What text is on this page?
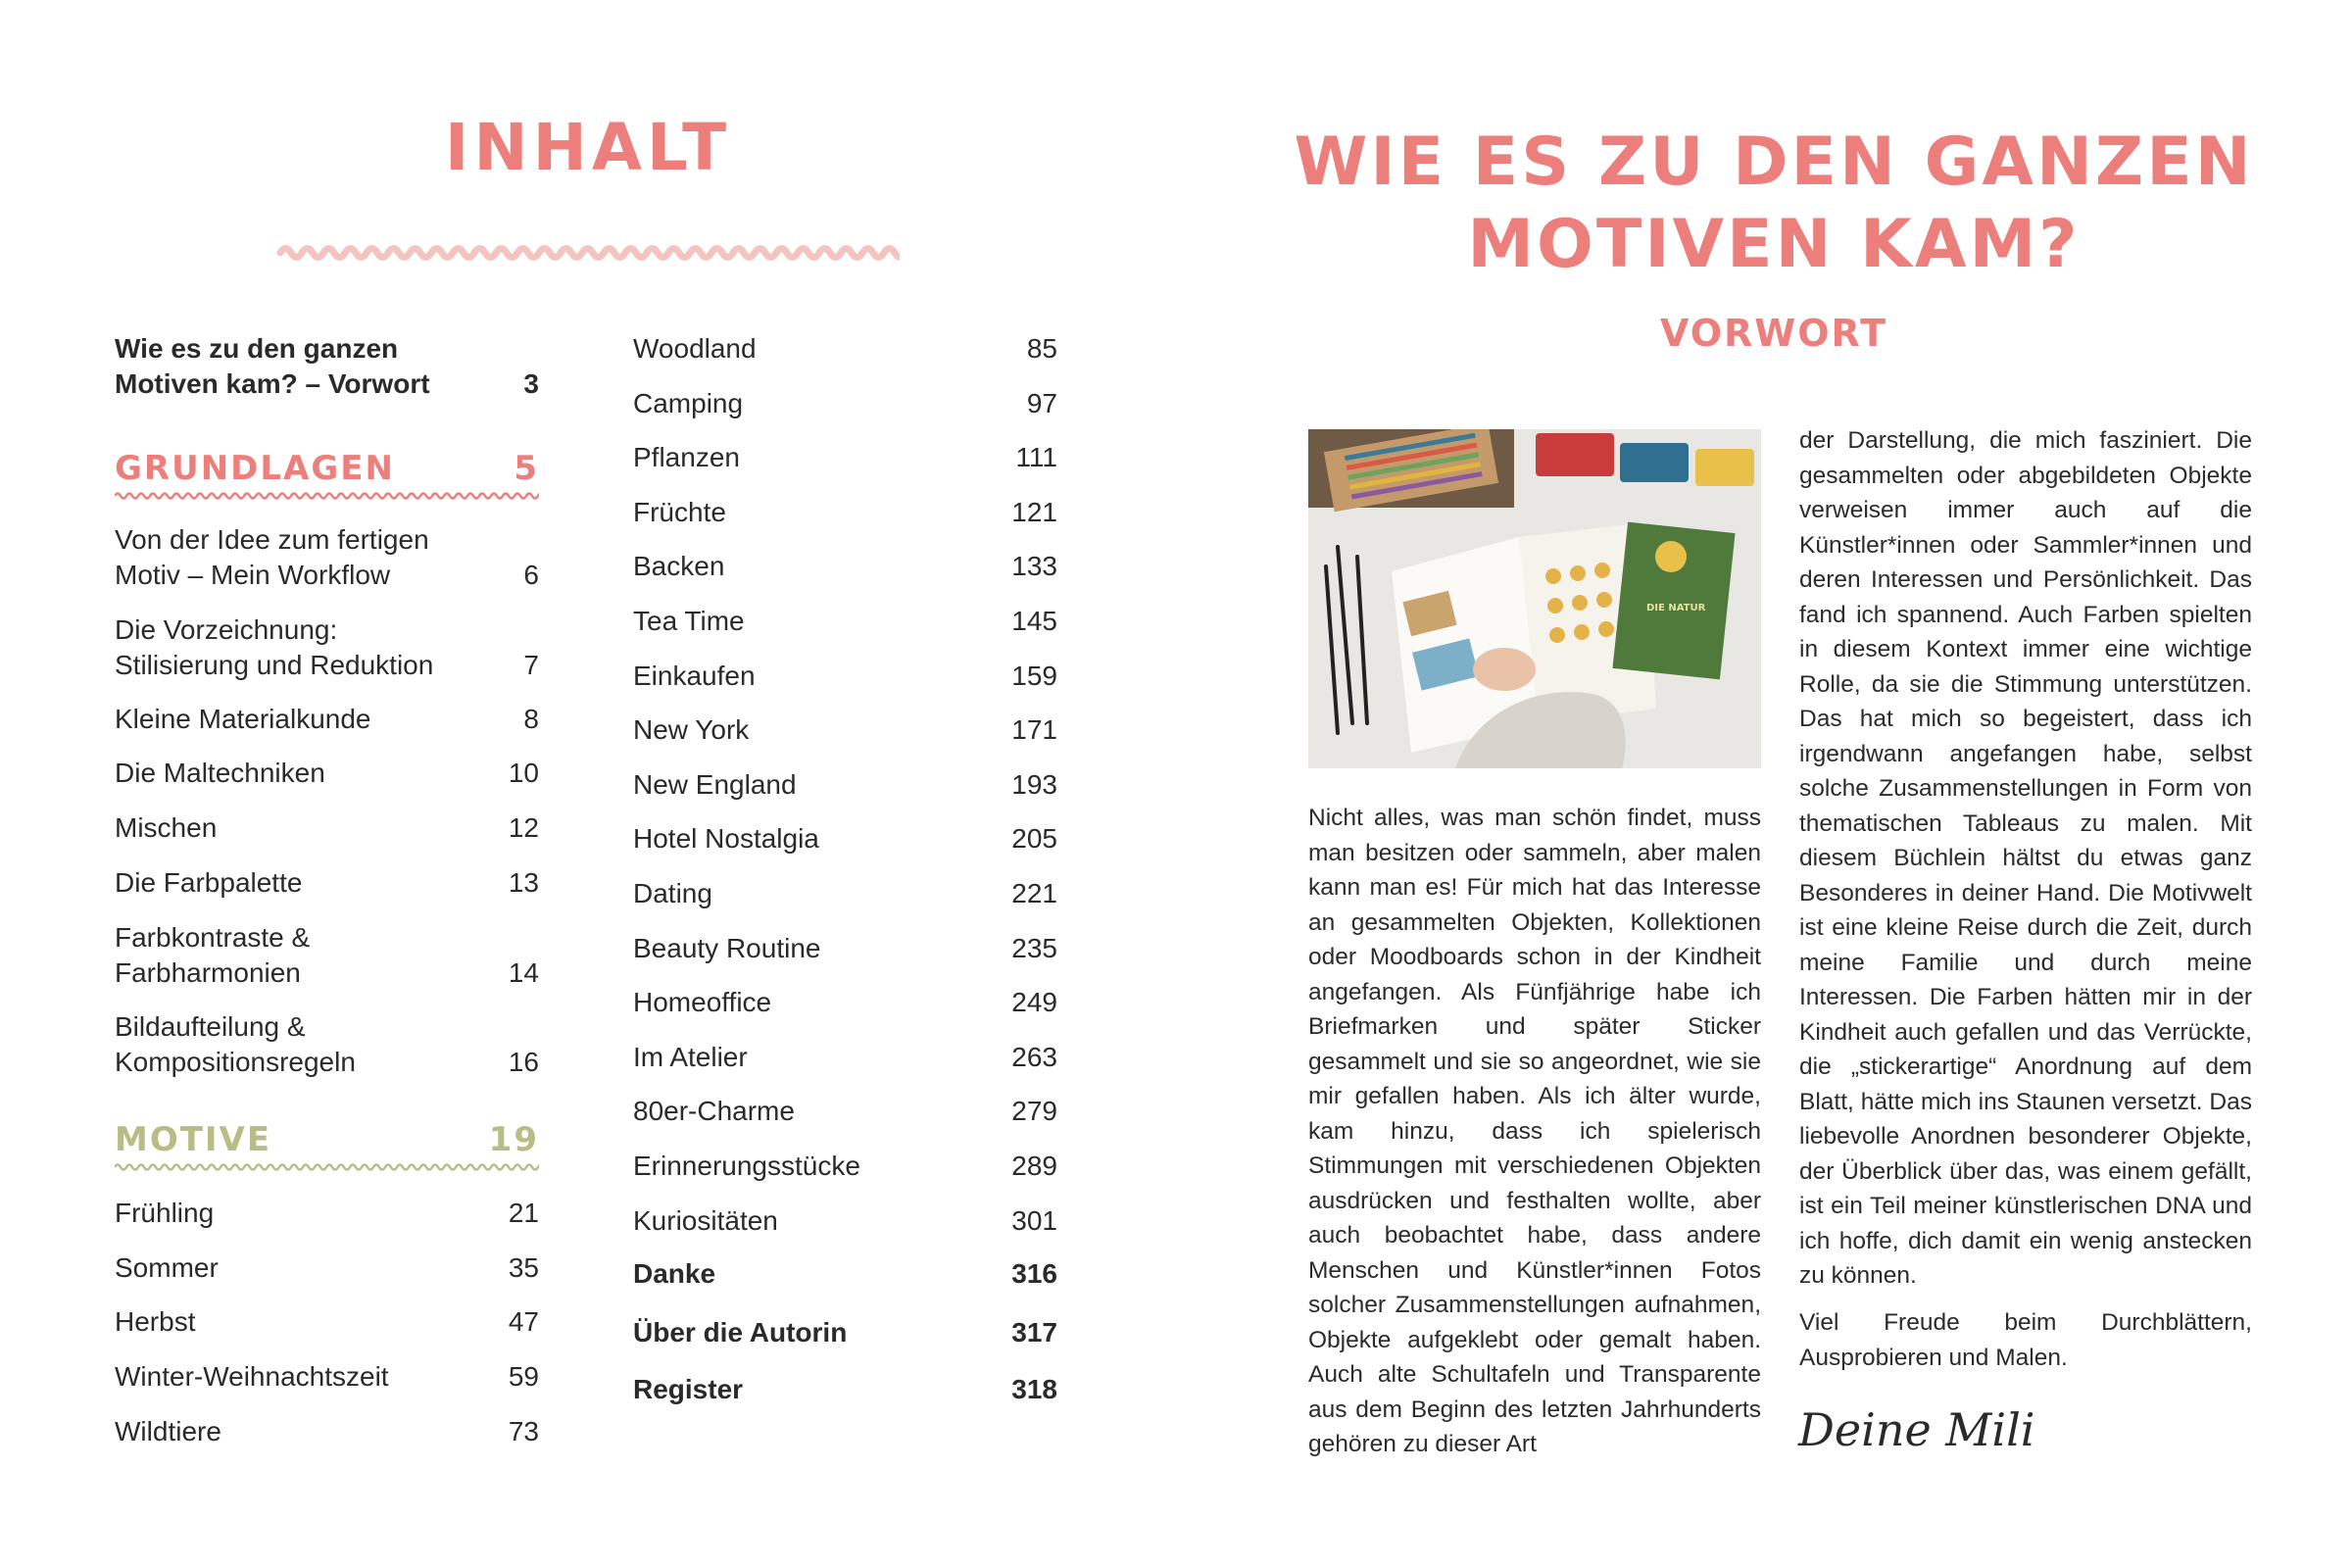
INHALT
Wie es zu den ganzen
Motiven kam? – Vorwort	3
GRUNDLAGEN	5
Von der Idee zum fertigen
Motiv – Mein Workflow	6
Die Vorzeichnung:
Stilisierung und Reduktion	7
Kleine Materialkunde	8
Die Maltechniken	10
Mischen	12
Die Farbpalette	13
Farbkontraste &
Farbharmonien	14
Bildaufteilung &
Kompositionsregeln	16
MOTIVE	19
Frühling	21
Sommer	35
Herbst	47
Winter-Weihnachtszeit	59
Wildtiere	73
Woodland	85
Camping	97
Pflanzen	111
Früchte	121
Backen	133
Tea Time	145
Einkaufen	159
New York	171
New England	193
Hotel Nostalgia	205
Dating	221
Beauty Routine	235
Homeoffice	249
Im Atelier	263
80er-Charme	279
Erinnerungsstücke	289
Kuriositäten	301
Danke	316
Über die Autorin	317
Register	318
WIE ES ZU DEN GANZEN MOTIVEN KAM?
VORWORT
DIE NATUR

Nicht alles, was man schön findet, muss man besitzen oder sammeln, aber malen kann man es! Für mich hat das Interesse an gesammelten Objekten, Kollektionen oder Moodboards schon in der Kindheit angefangen. Als Fünfjährige habe ich Briefmarken und später Sticker gesammelt und sie so angeordnet, wie sie mir gefallen haben. Als ich älter wurde, kam hinzu, dass ich spielerisch Stimmungen mit verschiedenen Objekten ausdrücken und festhalten wollte, aber auch beobachtet habe, dass andere Menschen und Künstler*innen Fotos solcher Zusammenstellungen aufnahmen, Objekte aufgeklebt oder gemalt haben. Auch alte Schultafeln und Transparente aus dem Beginn des letzten Jahrhunderts gehören zu dieser Art

der Darstellung, die mich fasziniert. Die gesammelten oder abgebildeten Objekte verweisen immer auch auf die Künstler*innen oder Sammler*innen und deren Interessen und Persönlichkeit. Das fand ich spannend. Auch Farben spielten in diesem Kontext immer eine wichtige Rolle, da sie die Stimmung unterstützen. Das hat mich so begeistert, dass ich irgendwann angefangen habe, selbst solche Zusammenstellungen in Form von thematischen Tableaus zu malen. Mit diesem Büchlein hältst du etwas ganz Besonderes in deiner Hand. Die Motivwelt ist eine kleine Reise durch die Zeit, durch meine Familie und durch meine Interessen. Die Farben hätten mir in der Kindheit auch gefallen und das Verrückte, die „stickerartige“ Anordnung auf dem Blatt, hätte mich ins Staunen versetzt. Das liebevolle Anordnen besonderer Objekte, der Überblick über das, was einem gefällt, ist ein Teil meiner künstlerischen DNA und ich hoffe, dich damit ein wenig anstecken zu können.

Viel Freude beim Durchblättern, Ausprobieren und Malen.

Deine Mili
